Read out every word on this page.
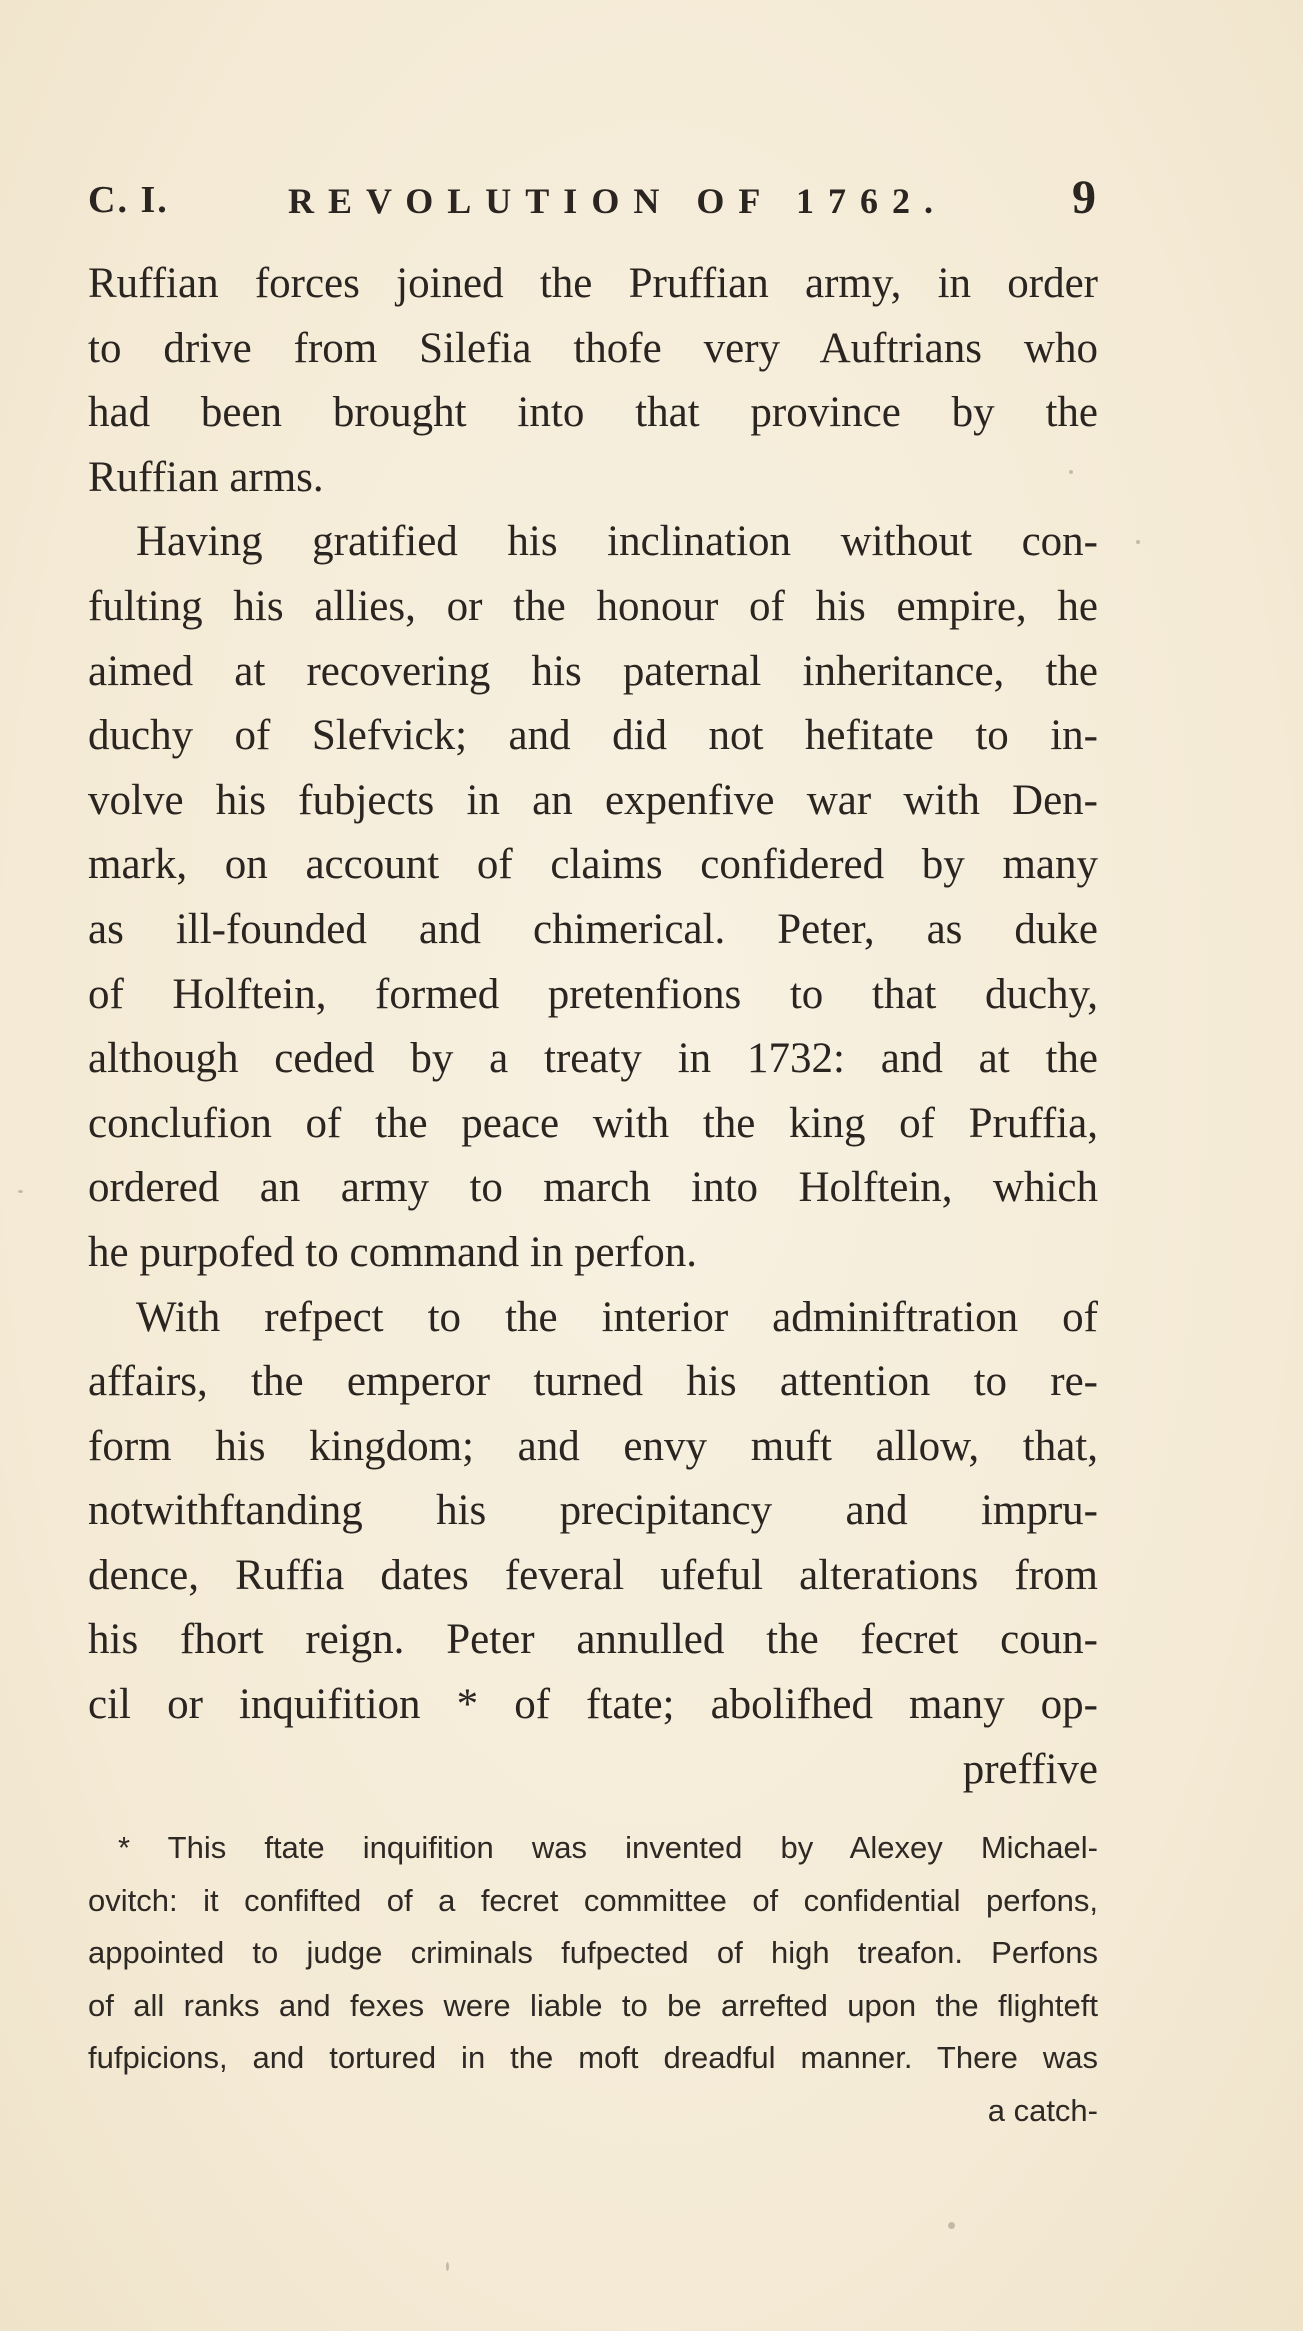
C. I.	REVOLUTION OF 1762.	9
Ruffian forces joined the Pruffian army, in order
to drive from Silefia thofe very Auftrians who
had been brought into that province by the
Ruffian arms.
Having gratified his inclination without con-
fulting his allies, or the honour of his empire, he
aimed at recovering his paternal inheritance, the
duchy of Slefvick; and did not hefitate to in-
volve his fubjects in an expenfive war with Den-
mark, on account of claims confidered by many
as ill-founded and chimerical. Peter, as duke
of Holftein, formed pretenfions to that duchy,
although ceded by a treaty in 1732: and at the
conclufion of the peace with the king of Pruffia,
ordered an army to march into Holftein, which
he purpofed to command in perfon.
With refpect to the interior adminiftration of
affairs, the emperor turned his attention to re-
form his kingdom; and envy muft allow, that,
notwithftanding his precipitancy and impru-
dence, Ruffia dates feveral ufeful alterations from
his fhort reign. Peter annulled the fecret coun-
cil or inquifition * of ftate; abolifhed many op-
preffive
* This ftate inquifition was invented by Alexey Michael-
ovitch: it confifted of a fecret committee of confidential perfons,
appointed to judge criminals fufpected of high treafon. Perfons
of all ranks and fexes were liable to be arrefted upon the flighteft
fufpicions, and tortured in the moft dreadful manner. There was
a catch-
